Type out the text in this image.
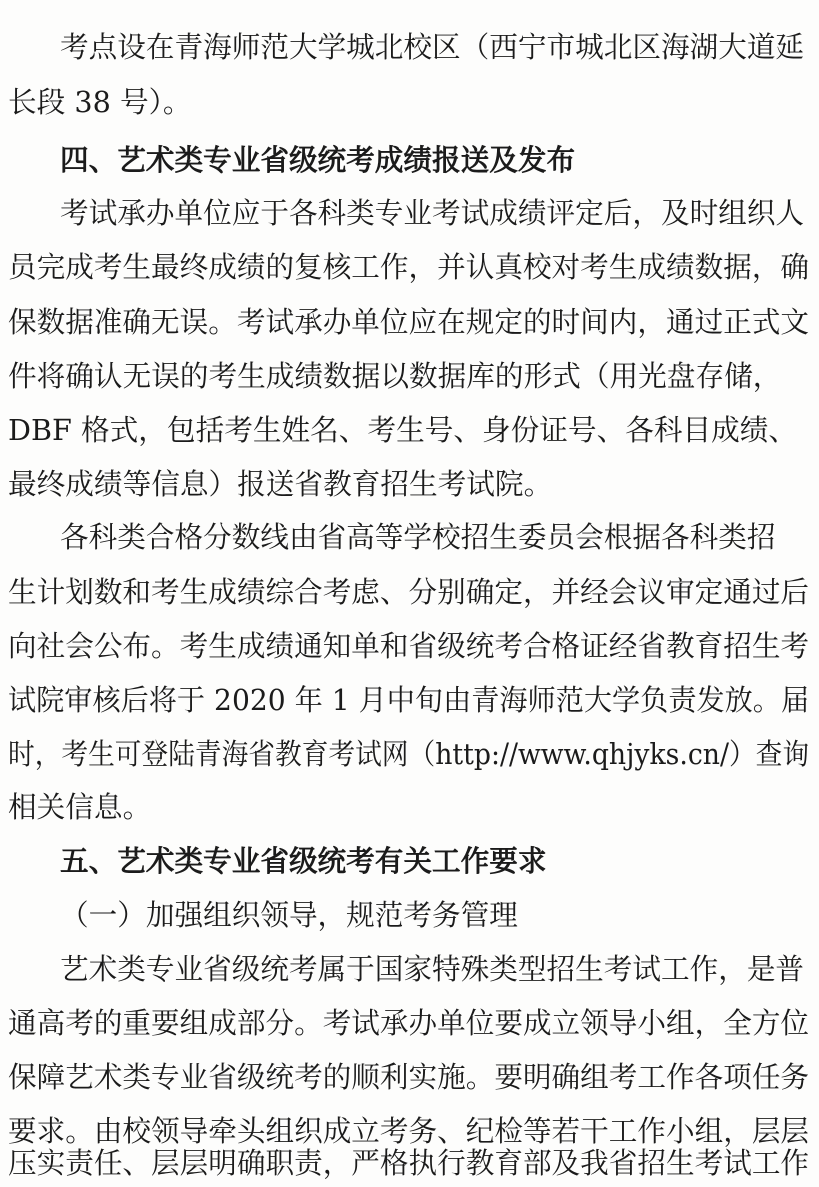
考点设在青海师范大学城北校区（西宁市城北区海湖大道延
长段 38 号）。
四、艺术类专业省级统考成绩报送及发布
考试承办单位应于各科类专业考试成绩评定后，及时组织人
员完成考生最终成绩的复核工作，并认真校对考生成绩数据，确
保数据准确无误。考试承办单位应在规定的时间内，通过正式文
件将确认无误的考生成绩数据以数据库的形式（用光盘存储，
DBF 格式，包括考生姓名、考生号、身份证号、各科目成绩、
最终成绩等信息）报送省教育招生考试院。
各科类合格分数线由省高等学校招生委员会根据各科类招
生计划数和考生成绩综合考虑、分别确定，并经会议审定通过后
向社会公布。考生成绩通知单和省级统考合格证经省教育招生考
试院审核后将于 2020 年 1 月中旬由青海师范大学负责发放。届
时，考生可登陆青海省教育考试网（http://www.qhjyks.cn/）查询
相关信息。
五、艺术类专业省级统考有关工作要求
（一）加强组织领导，规范考务管理
艺术类专业省级统考属于国家特殊类型招生考试工作，是普
通高考的重要组成部分。考试承办单位要成立领导小组，全方位
保障艺术类专业省级统考的顺利实施。要明确组考工作各项任务
要求。由校领导牵头组织成立考务、纪检等若干工作小组，层层
压实责任、层层明确职责，严格执行教育部及我省招生考试工作
